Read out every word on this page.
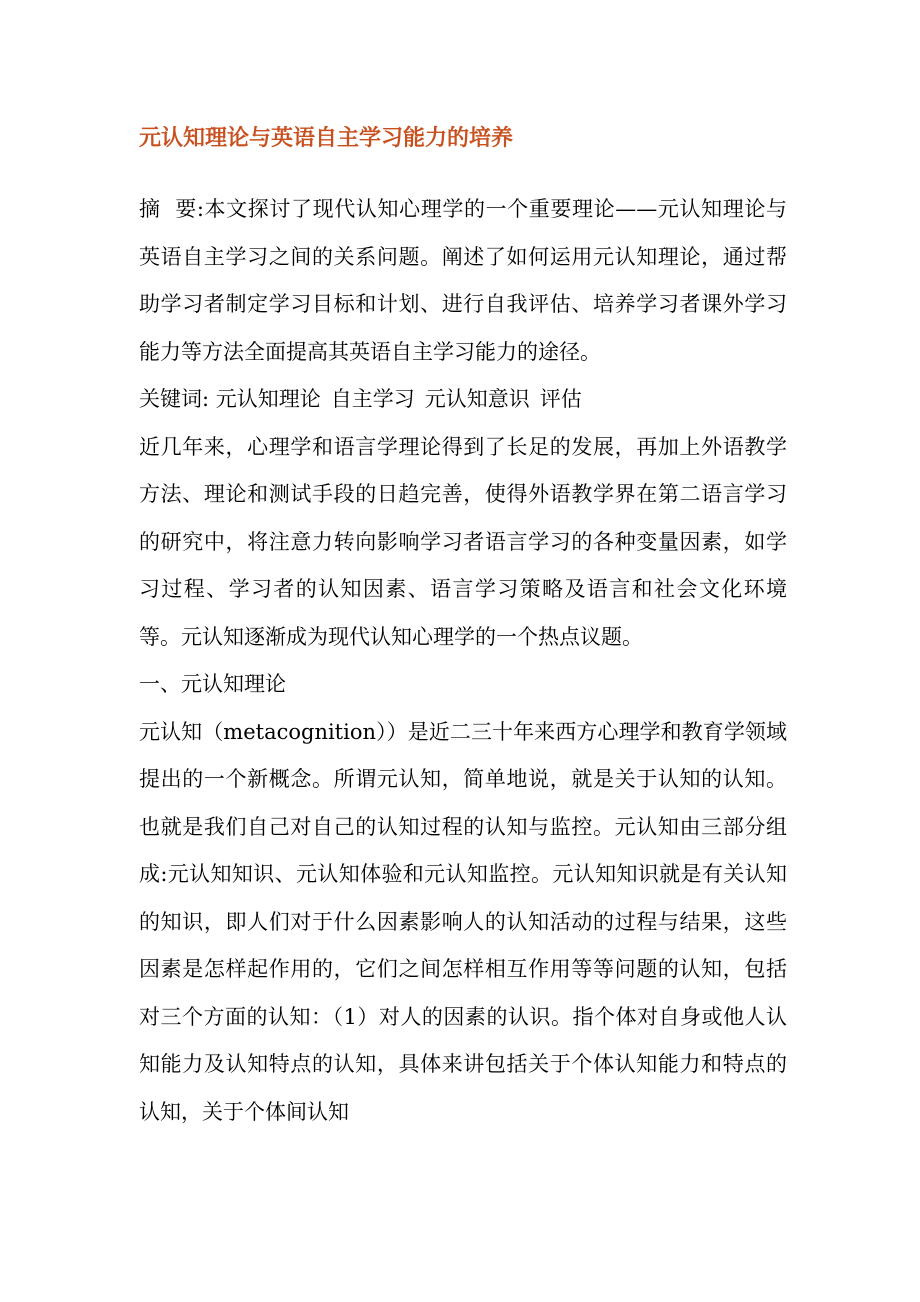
元认知理论与英语自主学习能力的培养

摘  要:本文探讨了现代认知心理学的一个重要理论——元认知理论与英语自主学习之间的关系问题。阐述了如何运用元认知理论，通过帮助学习者制定学习目标和计划、进行自我评估、培养学习者课外学习能力等方法全面提高其英语自主学习能力的途径。

关键词: 元认知理论 自主学习 元认知意识 评估

近几年来，心理学和语言学理论得到了长足的发展，再加上外语教学方法、理论和测试手段的日趋完善，使得外语教学界在第二语言学习的研究中，将注意力转向影响学习者语言学习的各种变量因素，如学习过程、学习者的认知因素、语言学习策略及语言和社会文化环境等。元认知逐渐成为现代认知心理学的一个热点议题。

一、元认知理论

元认知（metacognition））是近二三十年来西方心理学和教育学领域提出的一个新概念。所谓元认知，简单地说，就是关于认知的认知。也就是我们自己对自己的认知过程的认知与监控。元认知由三部分组成:元认知知识、元认知体验和元认知监控。元认知知识就是有关认知的知识，即人们对于什么因素影响人的认知活动的过程与结果，这些因素是怎样起作用的，它们之间怎样相互作用等等问题的认知，包括对三个方面的认知：（1）对人的因素的认识。指个体对自身或他人认知能力及认知特点的认知，具体来讲包括关于个体认知能力和特点的认知，关于个体间认知
